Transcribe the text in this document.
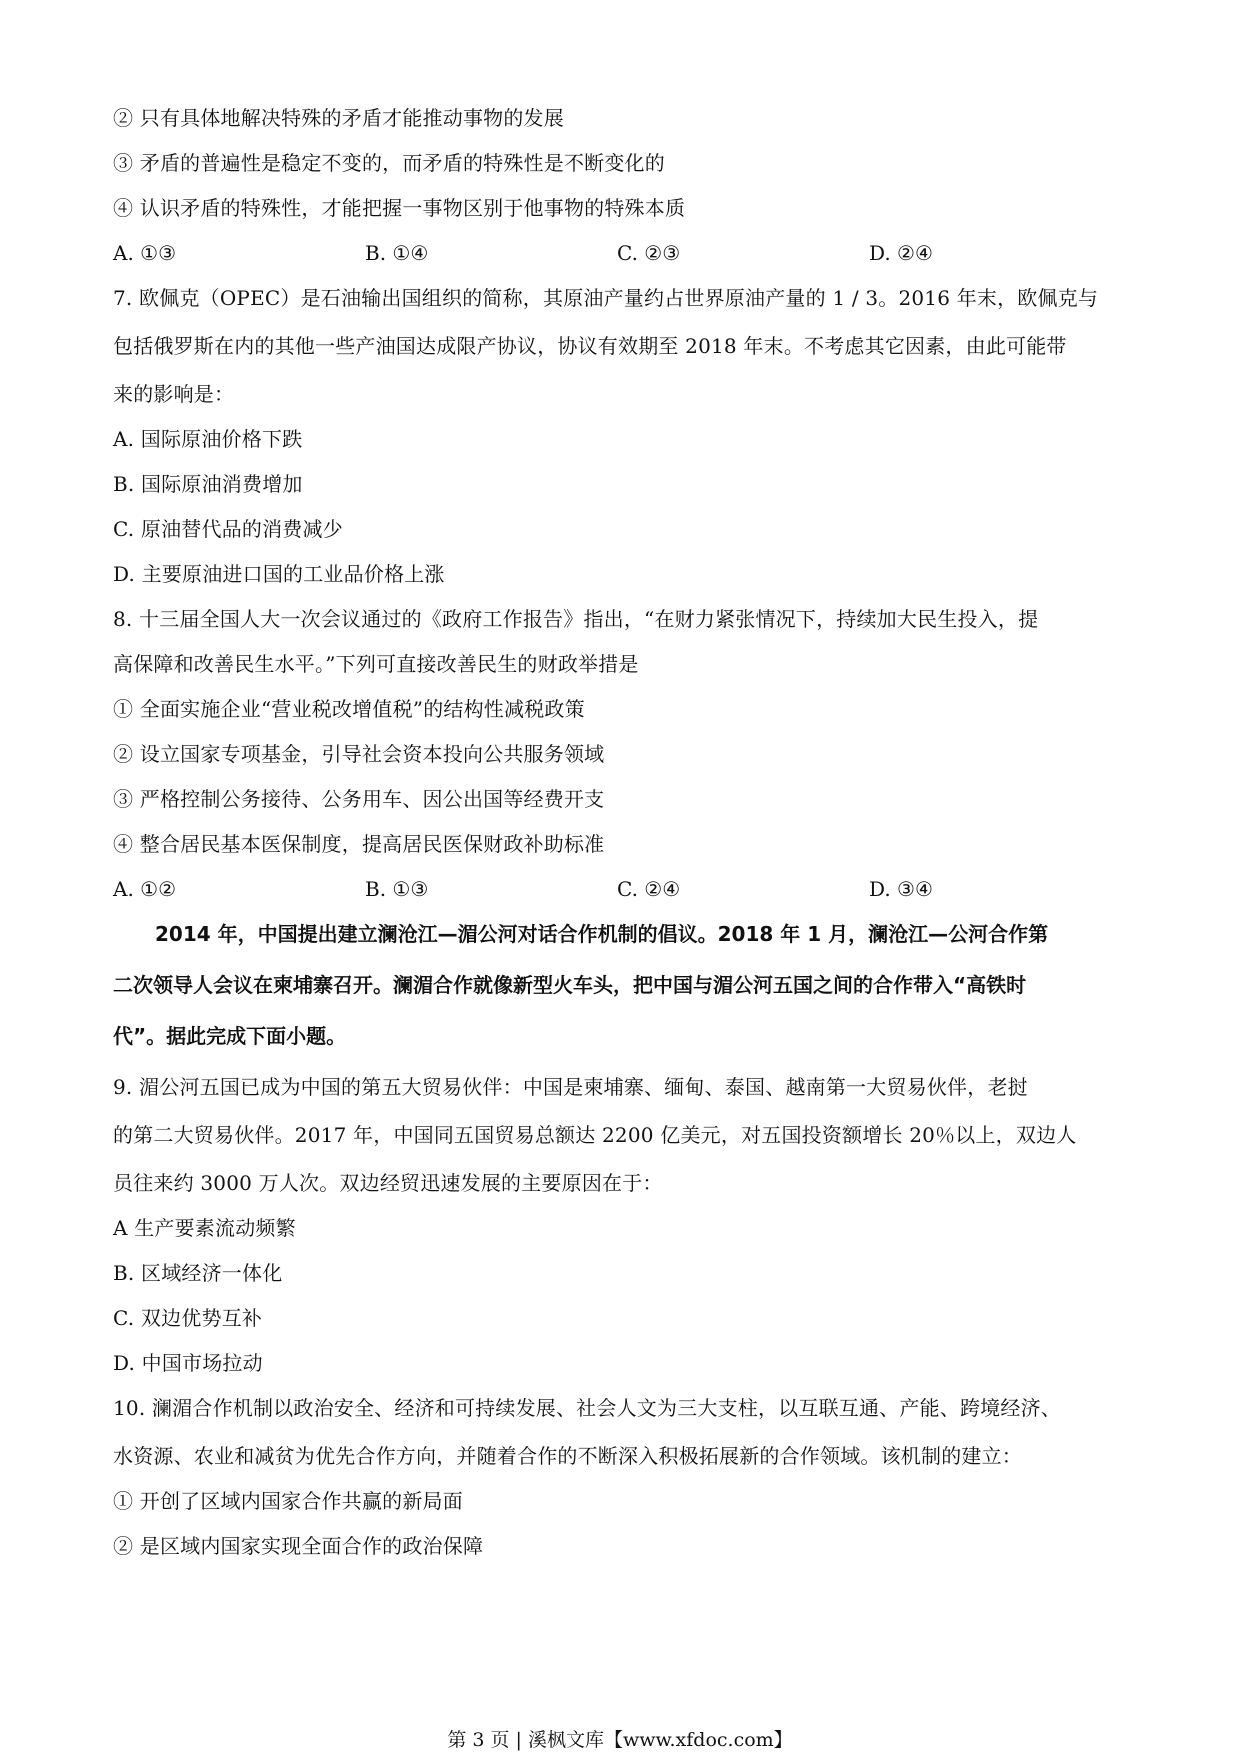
② 只有具体地解决特殊的矛盾才能推动事物的发展
③ 矛盾的普遍性是稳定不变的，而矛盾的特殊性是不断变化的
④ 认识矛盾的特殊性，才能把握一事物区别于他事物的特殊本质
A. ①③	B. ①④	C. ②③	D. ②④
7. 欧佩克（OPEC）是石油输出国组织的简称，其原油产量约占世界原油产量的 1 / 3。2016 年末，欧佩克与
包括俄罗斯在内的其他一些产油国达成限产协议，协议有效期至 2018 年末。不考虑其它因素，由此可能带
来的影响是：
A. 国际原油价格下跌
B. 国际原油消费增加
C. 原油替代品的消费减少
D. 主要原油进口国的工业品价格上涨
8. 十三届全国人大一次会议通过的《政府工作报告》指出，“在财力紧张情况下，持续加大民生投入，提
高保障和改善民生水平。”下列可直接改善民生的财政举措是
① 全面实施企业“营业税改增值税”的结构性减税政策
② 设立国家专项基金，引导社会资本投向公共服务领域
③ 严格控制公务接待、公务用车、因公出国等经费开支
④ 整合居民基本医保制度，提高居民医保财政补助标准
A. ①②	B. ①③	C. ②④	D. ③④
2014 年，中国提出建立澜沧江—湄公河对话合作机制的倡议。2018 年 1 月，澜沧江—公河合作第
二次领导人会议在柬埔寨召开。澜湄合作就像新型火车头，把中国与湄公河五国之间的合作带入“高铁时
代”。据此完成下面小题。
9. 湄公河五国已成为中国的第五大贸易伙伴：中国是柬埔寨、缅甸、泰国、越南第一大贸易伙伴，老挝
的第二大贸易伙伴。2017 年，中国同五国贸易总额达 2200 亿美元，对五国投资额增长 20％以上，双边人
员往来约 3000 万人次。双边经贸迅速发展的主要原因在于：
A 生产要素流动频繁
B. 区域经济一体化
C. 双边优势互补
D. 中国市场拉动
10. 澜湄合作机制以政治安全、经济和可持续发展、社会人文为三大支柱，以互联互通、产能、跨境经济、
水资源、农业和减贫为优先合作方向，并随着合作的不断深入积极拓展新的合作领域。该机制的建立：
① 开创了区域内国家合作共赢的新局面
② 是区域内国家实现全面合作的政治保障
第 3 页 | 溪枫文库【www.xfdoc.com】
